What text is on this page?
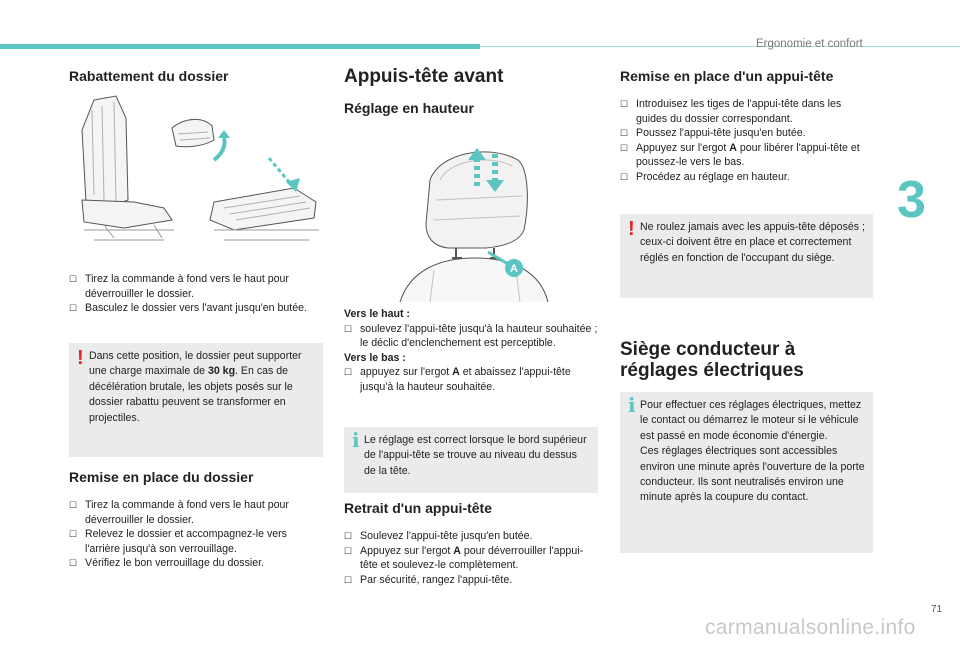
Ergonomie et confort
3
71
carmanualsonline.info
Rabattement du dossier
☐ Tirez la commande à fond vers le haut pour déverrouiller le dossier.
☐ Basculez le dossier vers l'avant jusqu'en butée.
! Dans cette position, le dossier peut supporter une charge maximale de 30 kg. En cas de décélération brutale, les objets posés sur le dossier rabattu peuvent se transformer en projectiles.
Remise en place du dossier
☐ Tirez la commande à fond vers le haut pour déverrouiller le dossier.
☐ Relevez le dossier et accompagnez-le vers l'arrière jusqu'à son verrouillage.
☐ Vérifiez le bon verrouillage du dossier.
Appuis-tête avant
Réglage en hauteur
A

Vers le haut :

☐ soulevez l'appui-tête jusqu'à la hauteur souhaitée ; le déclic d'enclenchement est perceptible.

Vers le bas :

☐ appuyez sur l'ergot A et abaissez l'appui-tête jusqu'à la hauteur souhaitée.
i Le réglage est correct lorsque le bord supérieur de l'appui-tête se trouve au niveau du dessus de la tête.
Retrait d'un appui-tête
☐ Soulevez l'appui-tête jusqu'en butée.
☐ Appuyez sur l'ergot A pour déverrouiller l'appui-tête et soulevez-le complètement.
☐ Par sécurité, rangez l'appui-tête.
Remise en place d'un appui-tête
☐ Introduisez les tiges de l'appui-tête dans les guides du dossier correspondant.
☐ Poussez l'appui-tête jusqu'en butée.
☐ Appuyez sur l'ergot A pour libérer l'appui-tête et poussez-le vers le bas.
☐ Procédez au réglage en hauteur.
! Ne roulez jamais avec les appuis-tête déposés ; ceux-ci doivent être en place et correctement réglés en fonction de l'occupant du siège.
Siège conducteur à
réglages électriques
i Pour effectuer ces réglages électriques, mettez le contact ou démarrez le moteur si le véhicule est passé en mode économie d'énergie.
Ces réglages électriques sont accessibles environ une minute après l'ouverture de la porte conducteur. Ils sont neutralisés environ une minute après la coupure du contact.
